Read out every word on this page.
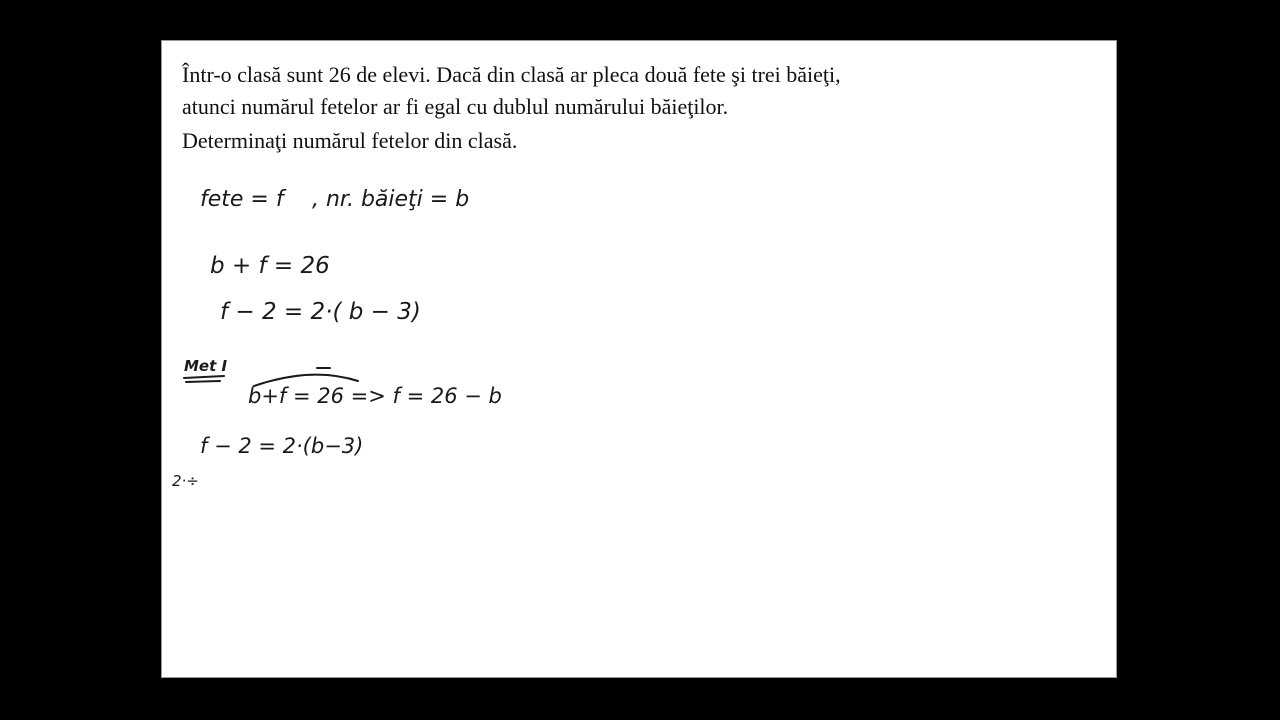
Într-o clasă sunt 26 de elevi. Dacă din clasă ar pleca două fete şi trei băieţi,

atunci numărul fetelor ar fi egal cu dublul numărului băieţilor.

Determinaţi numărul fetelor din clasă.

fete = f , nr. băieţi = b
b + f = 26
f − 2 = 2·( b − 3)
Met I
b+f = 26 => f = 26 − b
f − 2 = 2·(b−3)
2·÷
